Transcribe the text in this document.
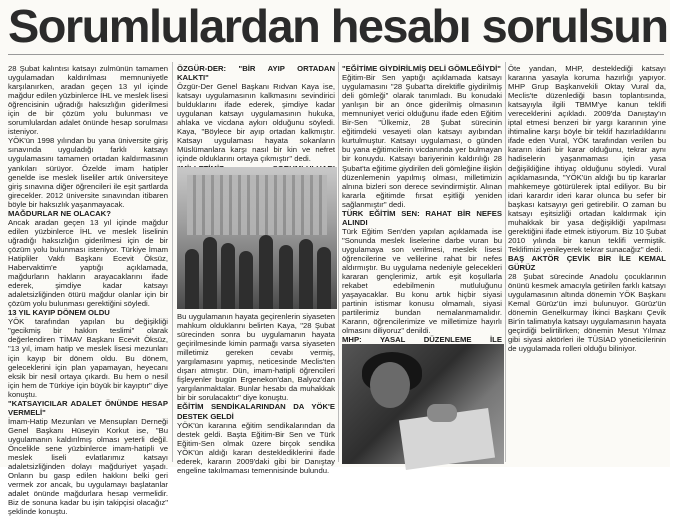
Sorumlulardan hesabı sorulsun

28 Şubat kalıntısı katsayı zulmünün tamamen uygulamadan kaldırılması memnuniyetle karşılanırken, aradan geçen 13 yıl içinde mağdur edilen yüzbinlerce İHL ve meslek lisesi öğrencisinin uğradığı haksızlığın giderilmesi için de bir çözüm yolu bulunması ve sorumlulardan adalet önünde hesap sorulması isteniyor.

YÖK'ün 1998 yılından bu yana üniversite giriş sınavında uyguladığı farklı katsayı uygulamasını tamamen ortadan kaldırmasının yankıları sürüyor. Özelde imam hatipler genelde ise meslek liseliler artık üniversiteye giriş sınavına diğer öğrencileri ile eşit şartlarda girecekler. 2012 üniversite sınavından itibaren böyle bir haksızlık yaşanmayacak.

MAĞDURLAR NE OLACAK?

Ancak aradan geçen 13 yıl içinde mağdur edilen yüzbinlerce İHL ve meslek liselinin uğradığı haksızlığın giderilmesi için de bir çözüm yolu bulunması isteniyor. Türkiye İmam Hatipliler Vakfı Başkanı Ecevit Öksüz, Habervaktim'e yaptığı açıklamada, mağdurların hakların arayacaklarını ifade ederek, şimdiye kadar katsayı adaletsizliğinden ötürü mağdur olanlar için bir çözüm yolu bulunması gerektiğini söyledi.

13 YIL KAYIP DÖNEM OLDU

YÖK tarafından yapılan bu değişikliği "gecikmiş bir hakkın teslimi" olarak değerlendiren TİMAV Başkanı Ecevit Öksüz, "13 yıl, imam hatip ve meslek lisesi mezunları için kayıp bir dönem oldu. Bu dönem, geleceklerini için plan yapamayan, heyecanı eksik bir nesil ortaya çıkardı. Bu hem o nesil için hem de Türkiye için büyük bir kayıptır" diye konuştu.

"KATSAYICILAR ADALET ÖNÜNDE HESAP VERMELİ"

İmam-Hatip Mezunları ve Mensupları Derneği Genel Başkanı Hüseyin Korkut ise, "Bu uygulamanın kaldırılmış olması yeterli değil. Öncelikle sene yüzbinlerce imam-hatipli ve meslek liseli evlatlarımız katsayı adaletsizliğinden dolayı mağduriyet yaşadı. Onların bu gasp edilen hakkını belki geri vermek zor ancak, bu uygulamayı başlatanlar adalet önünde mağdurlara hesap vermelidir. Biz de sonuna kadar bu işin takipçisi olacağız" şeklinde konuştu.

ÖZGÜR-DER: "BİR AYIP ORTADAN KALKTI"

Özgür-Der Genel Başkanı Rıdvan Kaya ise, katsayı uygulamasının kalkmasını sevindirici bulduklarını ifade ederek, şimdiye kadar uygulanan katsayı uygulamasının hukuka, ahlaka ve vicdana aykırı olduğunu söyledi. Kaya, "Böylece bir ayıp ortadan kalkmıştır. Katsayı uygulaması hayata sokanların Müslümanlara karşı nasıl bir kin ve nefret içinde olduklarını ortaya çıkmıştır" dedi.

Bu uygulamanın hayata geçirenlerin siyaseten mahkum olduklarını belirten Kaya, "28 Şubat sürecinden sonra bu uygulamanın hayata geçirilmesinde kimin parmağı varsa siyaseten milletimiz gereken cevabı vermiş, yargılamasını yapmış, neticesinde Meclis'ten dışarı atmıştır. Dün, imam-hatipli öğrencileri fişleyenler bugün Ergenekon'dan, Balyoz'dan yargılanmaktalar. Bunlar hesabı da muhakkak bir bir sorulacaktır" diye konuştu.

EĞİTİM SENDİKALARINDAN DA YÖK'E DESTEK GELDİ

YÖK'ün kararına eğitim sendikalarından da destek geldi. Başta Eğitim-Bir Sen ve Türk Eğitim-Sen olmak üzere birçok sendika YÖK'ün aldığı kararı desteklediklerini ifade ederek, kararın 2009'daki gibi bir Danıştay engeline takılmaması temennisinde bulundu.

"EĞİTİME GİYDİRİLMİŞ DELİ GÖMLEĞİYDİ"

Eğitim-Bir Sen yaptığı açıklamada katsayı uygulamasını "28 Şubat'ta direktifle giydirilmiş deli gömleği" olarak tanımladı. Bu konudaki yanlışın bir an önce giderilmiş olmasının memnuniyet verici olduğunu ifade eden Eğitim Bir-Sen "Ülkemiz, 28 Şubat sürecinin eğitimdeki vesayeti olan katsayı ayıbından kurtulmuştur. Katsayı uygulaması, o günden bu yana eğitimcilerin vicdanında yer bulmayan bir konuydu. Katsayı bariyerinin kaldırılığı 28 Şubat'ta eğitime giydirilen deli gömleğine ilişkin düzenlemenin yapılmış olması, milletimizin alnına bizleri son derece sevindirmiştir. Alınan kararla eğitimde fırsat eşitliği yeniden sağlanmıştır" dedi.

TÜRK EĞİTİM SEN: RAHAT BİR NEFES ALINDI

Türk Eğitim Sen'den yapılan açıklamada ise "Sonunda meslek liselerine darbe vuran bu uygulamaya son verilmesi, meslek lisesi öğrencilerine ve velilerine rahat bir nefes aldırmıştır. Bu uygulama nedeniyle gelecekleri kararan gençlerimiz, artık eşit koşullarla rekabet edebilmenin mutluluğunu yaşayacaklar. Bu konu artık hiçbir siyasi partinin istismar konusu olmamalı, siyasi partilerimiz bundan nemalanmamalıdır. Kararın, öğrencilerimize ve milletimize hayırlı olmasını diliyoruz" denildi.

MHP: YASAL DÜZENLEME İLE

Öte yandan, MHP, desteklediği katsayı kararına yasayla koruma hazırlığı yapıyor. MHP Grup Başkanvekili Oktay Vural da, Meclis'te düzenlediği basın toplantısında, katsayıyla ilgili TBMM'ye kanun teklifi vereceklerini açıkladı. 2009'da Danıştay'ın iptal etmesi benzeri bir yargı kararının yine ihtimaline karşı böyle bir teklif hazırladıklarını ifade eden Vural, YÖK tarafından verilen bu kararın idari bir karar olduğunu, tekrar aynı hadiselerin yaşanmaması için yasa değişikliğine ihtiyaç olduğunu söyledi. Vural açıklamasında, "YÖK'ün aldığı bu tip kararlar mahkemeye götürülerek iptal ediliyor. Bu bir idari karardır ideri karar olunca bu sefer bir başkası katsayıyı geri getirebilir. O zaman bu katsayı eşitsizliği ortadan kaldırmak için muhakkak bir yasa değişikliği yapılması gerektiğini ifade etmek istiyorum. Biz 10 Şubat 2010 yılında bir kanun teklifi vermiştik. Teklifimizi yenileyerek tekrar sunacağız" dedi.

BAŞ AKTÖR ÇEVİK BİR İLE KEMAL GÜRÜZ

28 Şubat sürecinde Anadolu çocuklarının önünü kesmek amacıyla getirilen farklı katsayı uygulamasının altında dönemin YÖK Başkanı Kemal Gürüz'ün imzi bulunuyor. Gürüz'ün dönemin Genelkurmay İkinci Başkanı Çevik Bir'in talimatıyla katsayı uygulamasının hayata geçirdiği belirtilirken; dönemin Mesut Yılmaz gibi siyasi aktörleri ile TÜSİAD yöneticilerinin de uygulamada rolleri olduğu biliniyor.
